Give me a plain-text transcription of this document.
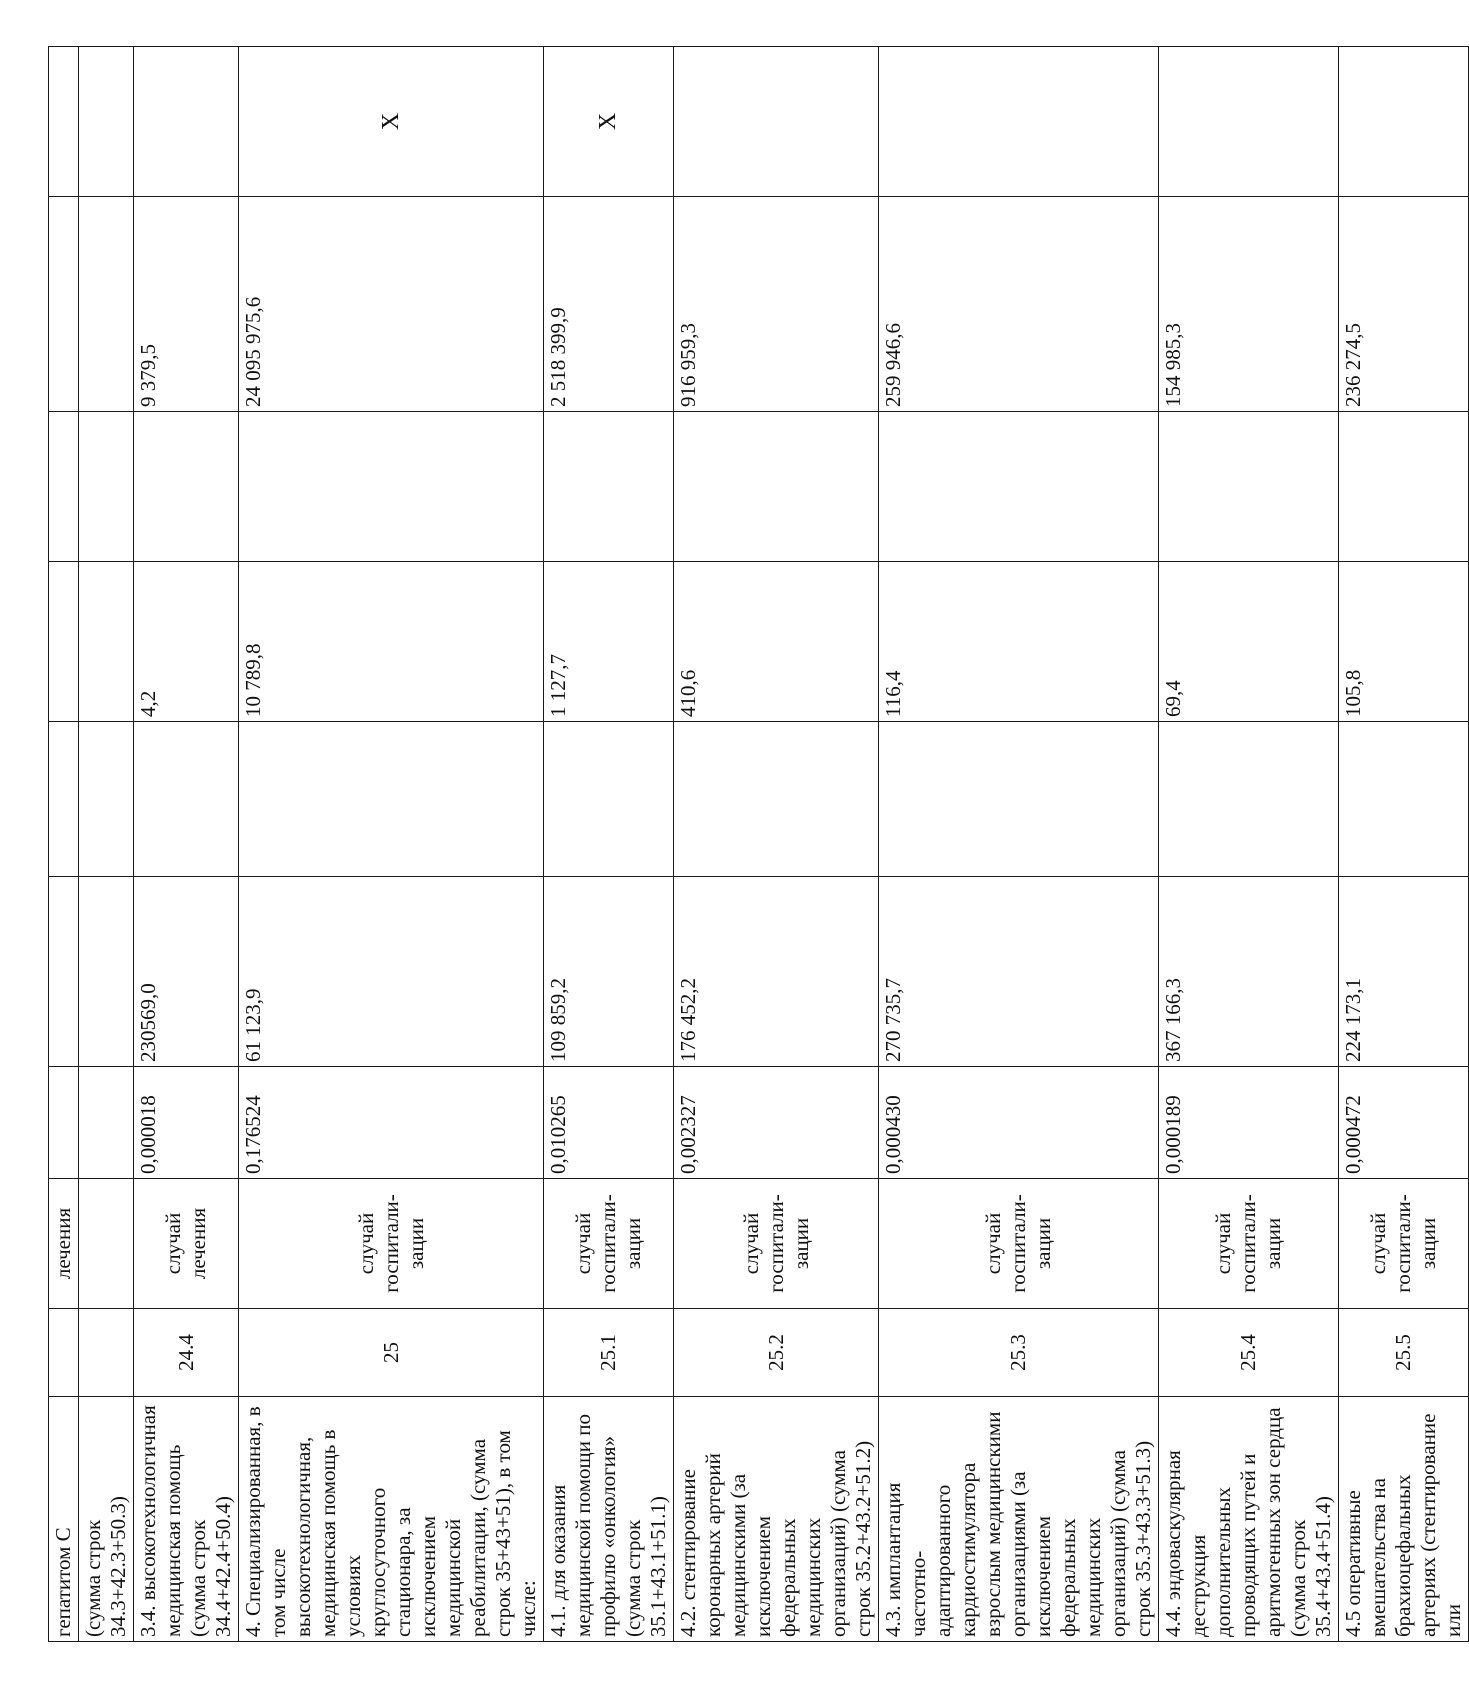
гепатитом С		лечения							
(сумма строк 34.3+42.3+50.3)									
3.4. высокотехнологичная медицинская помощь (сумма строк 34.4+42.4+50.4)	24.4	случай лечения	0,000018	230569,0		4,2		9 379,5	
4. Специализированная, в том числе высокотехнологичная, медицинская помощь в условиях круглосуточного стационара, за исключением медицинской реабилитации, (сумма строк 35+43+51), в том числе:	25	случай госпитали-зации	0,176524	61 123,9		10 789,8		24 095 975,6	X
4.1. для оказания медицинской помощи по профилю «онкология» (сумма строк 35.1+43.1+51.1)	25.1	случай госпитали-зации	0,010265	109 859,2		1 127,7		2 518 399,9	X
4.2. стентирование коронарных артерий медицинскими (за исключением федеральных медицинских организаций) (сумма строк 35.2+43.2+51.2)	25.2	случай госпитали-зации	0,002327	176 452,2		410,6		916 959,3	
4.3. имплантация частотно-адаптированного кардиостимулятора взрослым медицинскими организациями (за исключением федеральных медицинских организаций) (сумма строк 35.3+43.3+51.3)	25.3	случай госпитали-зации	0,000430	270 735,7		116,4		259 946,6	
4.4. эндоваскулярная деструкция дополнительных проводящих путей и аритмогенных зон сердца (сумма строк 35.4+43.4+51.4)	25.4	случай госпитали-зации	0,000189	367 166,3		69,4		154 985,3	
4.5 оперативные вмешательства на брахиоцефальных артериях (стентирование или	25.5	случай госпитали-зации	0,000472	224 173,1		105,8		236 274,5	
